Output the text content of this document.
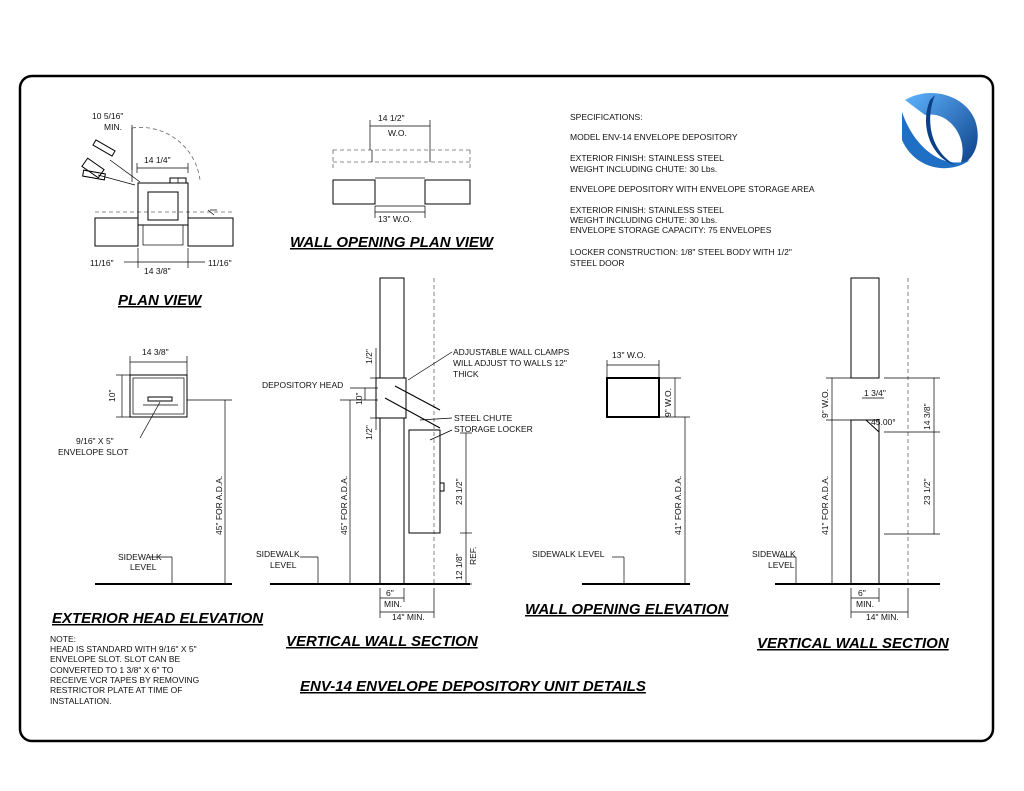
10 5/16"
MIN.
14 1/4"
11/16"
14 3/8"
11/16"
PLAN VIEW
14 1/2"
W.O.
13" W.O.
WALL OPENING PLAN VIEW
SPECIFICATIONS:
MODEL ENV-14 ENVELOPE DEPOSITORY
EXTERIOR FINISH: STAINLESS STEEL
WEIGHT INCLUDING CHUTE: 30 Lbs.
ENVELOPE DEPOSITORY WITH ENVELOPE STORAGE AREA
EXTERIOR FINISH: STAINLESS STEEL
WEIGHT INCLUDING CHUTE: 30 Lbs.
ENVELOPE STORAGE CAPACITY: 75 ENVELOPES
LOCKER CONSTRUCTION: 1/8" STEEL BODY WITH 1/2"
STEEL DOOR
14 3/8"
10"
9/16" X 5"
ENVELOPE SLOT
45" FOR A.D.A.
SIDEWALK
LEVEL
EXTERIOR HEAD ELEVATION
NOTE:
HEAD IS STANDARD WITH 9/16" X 5"
ENVELOPE SLOT. SLOT CAN BE
CONVERTED TO 1 3/8" X 6" TO
RECEIVE VCR TAPES BY REMOVING
RESTRICTOR PLATE AT TIME OF
INSTALLATION.
DEPOSITORY HEAD
ADJUSTABLE WALL CLAMPS
WILL ADJUST TO WALLS 12"
THICK
STEEL CHUTE
STORAGE LOCKER
1/2"
10"
1/2"
45" FOR A.D.A.	23 1/2"
12 1/8" REF.
SIDEWALK
LEVEL
6"
MIN.
14" MIN.
VERTICAL WALL SECTION
13" W.O.
9" W.O.
41" FOR A.D.A.
SIDEWALK LEVEL
WALL OPENING ELEVATION
9" W.O.	1 3/4"
45.00°	14 3/8"
23 1/2"
41" FOR A.D.A.
SIDEWALK
LEVEL
6"
MIN.
14" MIN.
VERTICAL WALL SECTION
ENV-14 ENVELOPE DEPOSITORY UNIT DETAILS
